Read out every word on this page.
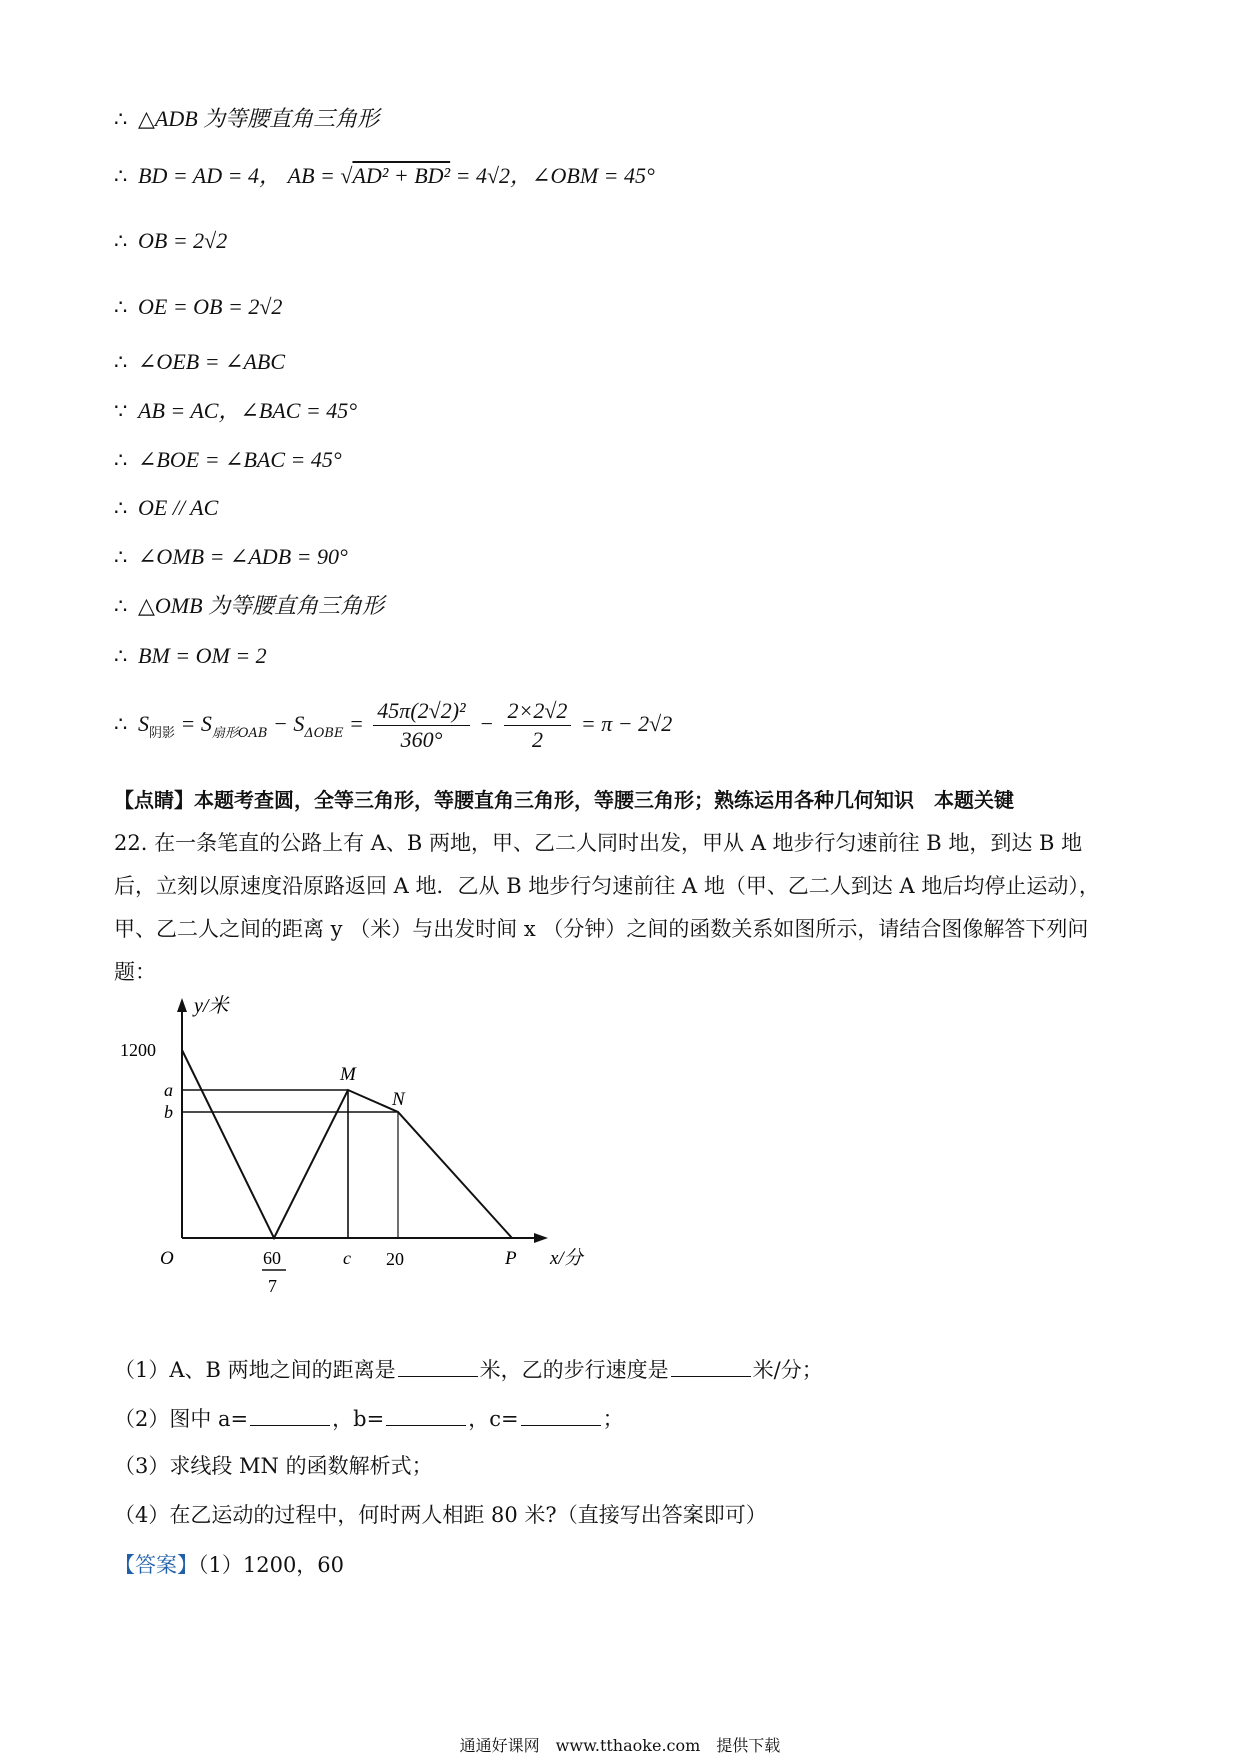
∴ △ADB 为等腰直角三角形
∴ BD = AD = 4， AB = √AD² + BD² = 4√2，∠OBM = 45°
∴ OB = 2√2
∴ OE = OB = 2√2
∴ ∠OEB = ∠ABC
∵ AB = AC，∠BAC = 45°
∴ ∠BOE = ∠BAC = 45°
∴ OE // AC
∴ ∠OMB = ∠ADB = 90°
∴ △OMB 为等腰直角三角形
∴ BM = OM = 2
∴ $S_{阴影} = S_{扇形OAB} - S_{\Delta OBE} = \frac{\text{45π(2√2)²}}{360^\circ} - \frac{2\times 2√2}{2} = \pi - 2√2$
【点睛】本题考查圆，全等三角形，等腰直角三角形，等腰三角形；熟练运用各种几何知识　本题关键
22. 在一条笔直的公路上有 A、B 两地，甲、乙二人同时出发，甲从 A 地步行匀速前往 B 地，到达 B 地后，立刻以原速度沿原路返回 A 地．乙从 B 地步行匀速前往 A 地（甲、乙二人到达 A 地后均停止运动），甲、乙二人之间的距离 y （米）与出发时间 x （分钟）之间的函数关系如图所示，请结合图像解答下列问题：
y/米
1200
a
b
O	60
7
c 20	P x/分
M
N
（1）A、B 两地之间的距离是	米，乙的步行速度是	米/分；
（2）图中 a=	，b=	，c=	；
（3）求线段 MN 的函数解析式；
（4）在乙运动的过程中，何时两人相距 80 米?（直接写出答案即可）
【答案】（1）1200，60
通通好课网　www.tthaoke.com　提供下载
